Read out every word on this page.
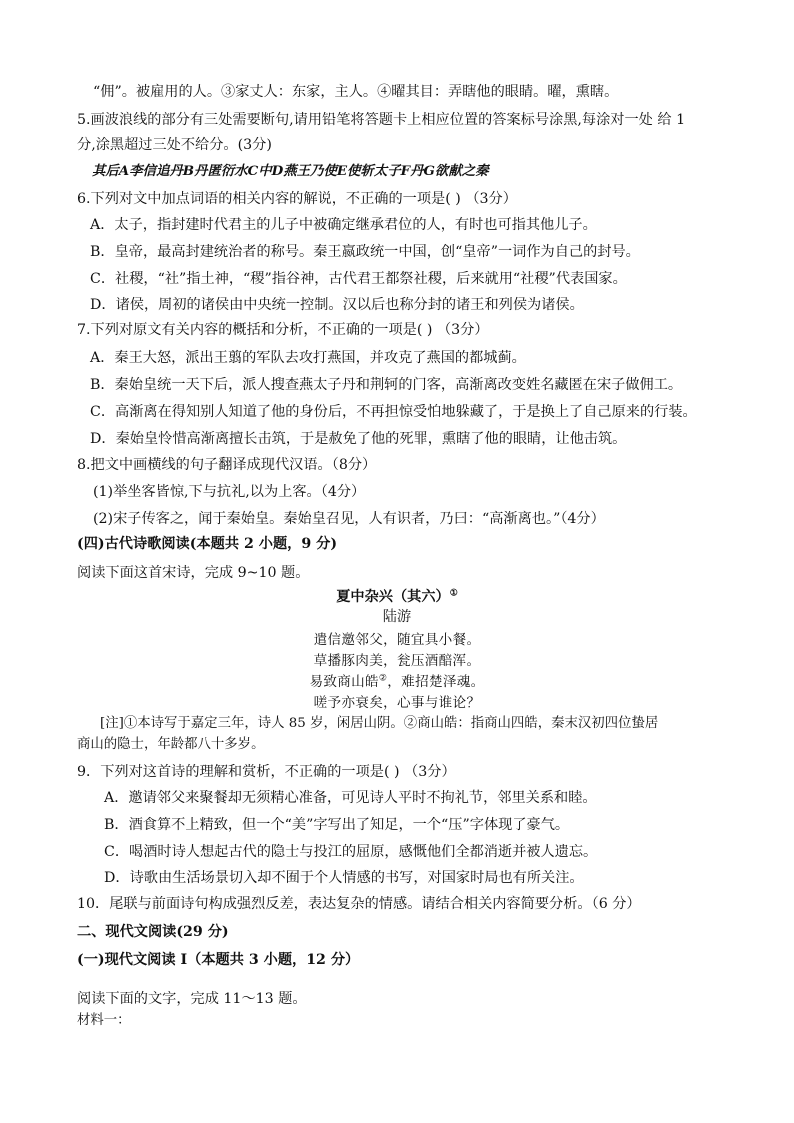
“佣”。被雇用的人。③家丈人：东家，主人。④曜其目：弄瞎他的眼睛。曜，熏瞎。
5.画波浪线的部分有三处需要断句,请用铅笔将答题卡上相应位置的答案标号涂黑,每涂对一处 给 1
分,涂黑超过三处不给分。(3分)
其后A李信追丹B丹匿衍水C中D燕王乃使E使斩太子F丹G欲献之秦
6.下列对文中加点词语的相关内容的解说，不正确的一项是( ) （3分）
A．太子，指封建时代君主的儿子中被确定继承君位的人，有时也可指其他儿子。
B．皇帝，最高封建统治者的称号。秦王嬴政统一中国，创“皇帝”一词作为自己的封号。
C．社稷，“社”指土神，“稷”指谷神，古代君王都祭社稷，后来就用“社稷”代表国家。
D．诸侯，周初的诸侯由中央统一控制。汉以后也称分封的诸王和列侯为诸侯。
7.下列对原文有关内容的概括和分析，不正确的一项是( ) （3分）
A．秦王大怒，派出王翦的军队去攻打燕国，并攻克了燕国的都城蓟。
B．秦始皇统一天下后，派人搜查燕太子丹和荆轲的门客，高渐离改变姓名藏匿在宋子做佣工。
C．高渐离在得知别人知道了他的身份后，不再担惊受怕地躲藏了，于是换上了自己原来的行装。
D．秦始皇怜惜高渐离擅长击筑，于是赦免了他的死罪，熏瞎了他的眼睛，让他击筑。
8.把文中画横线的句子翻译成现代汉语。（8分）
(1)举坐客皆惊,下与抗礼,以为上客。（4分）
(2)宋子传客之，闻于秦始皇。秦始皇召见，人有识者，乃曰：“高渐离也。”（4分）
(四)古代诗歌阅读(本题共 2 小题，9 分)
阅读下面这首宋诗，完成 9~10 题。
夏中杂兴（其六）①
陆游
遣信邀邻父，随宜具小餐。
草播豚肉美，瓮压酒醅浑。
易致商山皓②，难招楚泽魂。
嗟予亦衰矣，心事与谁论？
[注]①本诗写于嘉定三年，诗人 85 岁，闲居山阴。②商山皓：指商山四皓，秦末汉初四位蛰居
商山的隐士，年龄都八十多岁。
9．下列对这首诗的理解和赏析，不正确的一项是( ) （3分）
A．邀请邻父来聚餐却无须精心准备，可见诗人平时不拘礼节，邻里关系和睦。
B．酒食算不上精致，但一个“美”字写出了知足，一个“压”字体现了豪气。
C．喝酒时诗人想起古代的隐士与投江的屈原，感慨他们全都消逝并被人遗忘。
D．诗歌由生活场景切入却不囿于个人情感的书写，对国家时局也有所关注。
10．尾联与前面诗句构成强烈反差，表达复杂的情感。请结合相关内容简要分析。（6 分）
二、现代文阅读(29 分)
(一)现代文阅读 I（本题共 3 小题，12 分）
阅读下面的文字，完成 11～13 题。
材料一：
